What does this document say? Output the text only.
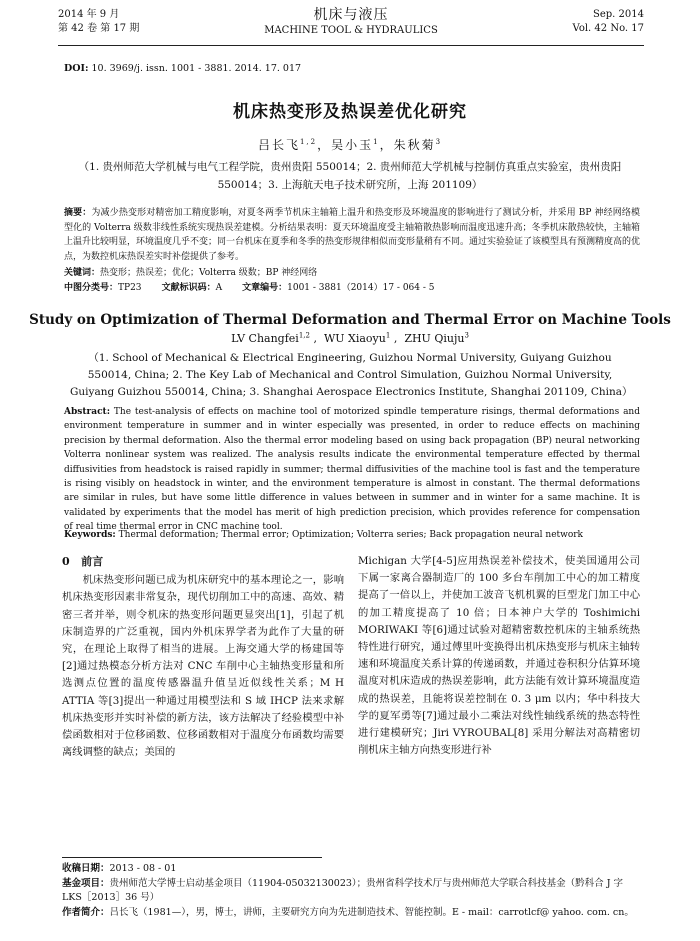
2014 年 9 月
第 42 卷 第 17 期
机床与液压
MACHINE TOOL & HYDRAULICS
Sep. 2014
Vol. 42 No. 17
DOI: 10. 3969/j. issn. 1001 - 3881. 2014. 17. 017
机床热变形及热误差优化研究
吕长飞$^{1,2}$，吴小玉$^1$，朱秋菊$^3$
（1. 贵州师范大学机械与电气工程学院，贵州贵阳 550014；2. 贵州师范大学机械与控制仿真重点实验室，贵州贵阳 550014；3. 上海航天电子技术研究所，上海 201109）
摘要：为减少热变形对精密加工精度影响，对夏冬两季节机床主轴箱上温升和热变形及环境温度的影响进行了测试分析，并采用 BP 神经网络模型化的 Volterra 级数非线性系统实现热误差建模。分析结果表明：夏天环境温度受主轴箱散热影响而温度迅速升高；冬季机床散热较快，主轴箱上温升比较明显，环境温度几乎不变；同一台机床在夏季和冬季的热变形规律相似而变形量稍有不同。通过实验验证了该模型具有预测精度高的优点，为数控机床热误差实时补偿提供了参考。
关键词：热变形；热误差；优化；Volterra 级数；BP 神经网络
中图分类号：TP23 文献标识码：A 文章编号：1001 - 3881（2014）17 - 064 - 5
Study on Optimization of Thermal Deformation and Thermal Error on Machine Tools
LV Changfei$^{1,2}$ ,  WU Xiaoyu$^1$ ,  ZHU Qiuju$^3$
（1. School of Mechanical & Electrical Engineering, Guizhou Normal University, Guiyang Guizhou 550014, China; 2. The Key Lab of Mechanical and Control Simulation, Guizhou Normal University, Guiyang Guizhou 550014, China; 3. Shanghai Aerospace Electronics Institute, Shanghai 201109, China）
Abstract: The test-analysis of effects on machine tool of motorized spindle temperature risings, thermal deformations and environment temperature in summer and in winter especially was presented, in order to reduce effects on machining precision by thermal deformation. Also the thermal error modeling based on using back propagation (BP) neural networking Volterra nonlinear system was realized. The analysis results indicate the environmental temperature effected by thermal diffusivities from headstock is raised rapidly in summer; thermal diffusivities of the machine tool is fast and the temperature is rising visibly on headstock in winter, and the environment temperature is almost in constant. The thermal deformations are similar in rules, but have some little difference in values between in summer and in winter for a same machine. It is validated by experiments that the model has merit of high prediction precision, which provides reference for compensation of real time thermal error in CNC machine tool.
Keywords: Thermal deformation; Thermal error; Optimization; Volterra series; Back propagation neural network
0 前言
机床热变形问题已成为机床研究中的基本理论之一，影响机床热变形因素非常复杂，现代切削加工中的高速、高效、精密三者并举，则令机床的热变形问题更显突出[1]，引起了机床制造界的广泛重视，国内外机床界学者为此作了大量的研究，在理论上取得了相当的进展。上海交通大学的杨建国等[2]通过热模态分析方法对 CNC 车削中心主轴热变形量和所选测点位置的温度传感器温升值呈近似线性关系；M H ATTIA 等[3]提出一种通过用模型法和 S 域 IHCP 法来求解机床热变形并实时补偿的新方法，该方法解决了经验模型中补偿函数相对于位移函数、位移函数相对于温度分布函数均需要离线调整的缺点；美国的
Michigan 大学[4-5]应用热误差补偿技术，使美国通用公司下属一家离合器制造厂的 100 多台车削加工中心的加工精度提高了一倍以上，并使加工波音飞机机翼的巨型龙门加工中心的加工精度提高了 10 倍；日本神户大学的 Toshimichi MORIWAKI 等[6]通过试验对超精密数控机床的主轴系统热特性进行研究，通过傅里叶变换得出机床热变形与机床主轴转速和环境温度关系计算的传递函数，并通过卷积积分估算环境温度对机床造成的热误差影响，此方法能有效计算环境温度造成的热误差，且能将误差控制在 0. 3 μm 以内；华中科技大学的夏军勇等[7]通过最小二乘法对线性轴线系统的热态特性进行建模研究；Jiri VYROUBAL[8] 采用分解法对高精密切削机床主轴方向热变形进行补
收稿日期：2013 - 08 - 01
基金项目：贵州师范大学博士启动基金项目（11904-05032130023）；贵州省科学技术厅与贵州师范大学联合科技基金（黔科合 J 字 LKS［2013］36 号）
作者简介：吕长飞（1981—），男，博士，讲师，主要研究方向为先进制造技术、智能控制。E - mail：carrotlcf@ yahoo. com. cn。
